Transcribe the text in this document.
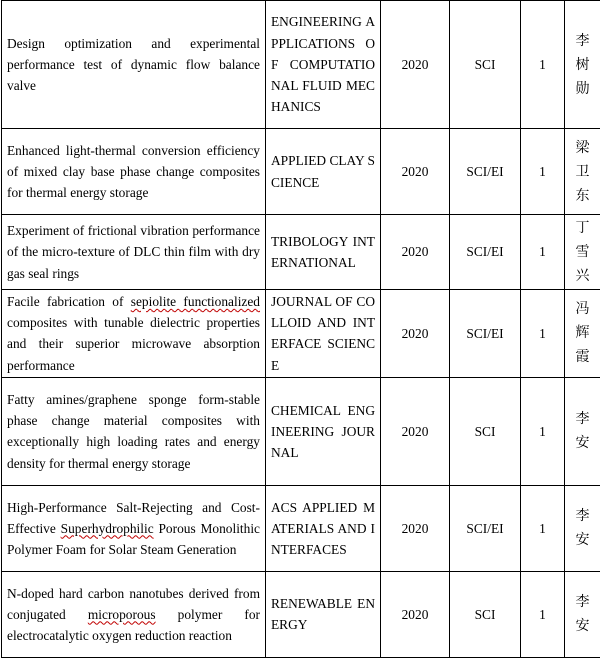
Design optimization and experimental performance test of dynamic flow balance valve	ENGINEERING APPLICATIONS OF COMPUTATIONAL FLUID MECHANICS	2020	SCI	1	李树勋

Enhanced light-thermal conversion efficiency of mixed clay base phase change composites for thermal energy storage	APPLIED CLAY SCIENCE	2020	SCI/EI	1	梁卫东

Experiment of frictional vibration performance of the micro-texture of DLC thin film with dry gas seal rings	TRIBOLOGY INTERNATIONAL	2020	SCI/EI	1	丁雪兴

Facile fabrication of sepiolite functionalized composites with tunable dielectric properties and their superior microwave absorption performance	JOURNAL OF COLLOID AND INTERFACE SCIENCE	2020	SCI/EI	1	冯辉霞

Fatty amines/graphene sponge form-stable phase change material composites with exceptionally high loading rates and energy density for thermal energy storage	CHEMICAL ENGINEERING JOURNAL	2020	SCI	1	李安

High-Performance Salt-Rejecting and Cost-Effective Superhydrophilic Porous Monolithic Polymer Foam for Solar Steam Generation	ACS APPLIED MATERIALS AND INTERFACES	2020	SCI/EI	1	李安

N-doped hard carbon nanotubes derived from conjugated microporous polymer for electrocatalytic oxygen reduction reaction	RENEWABLE ENERGY	2020	SCI	1	李安
